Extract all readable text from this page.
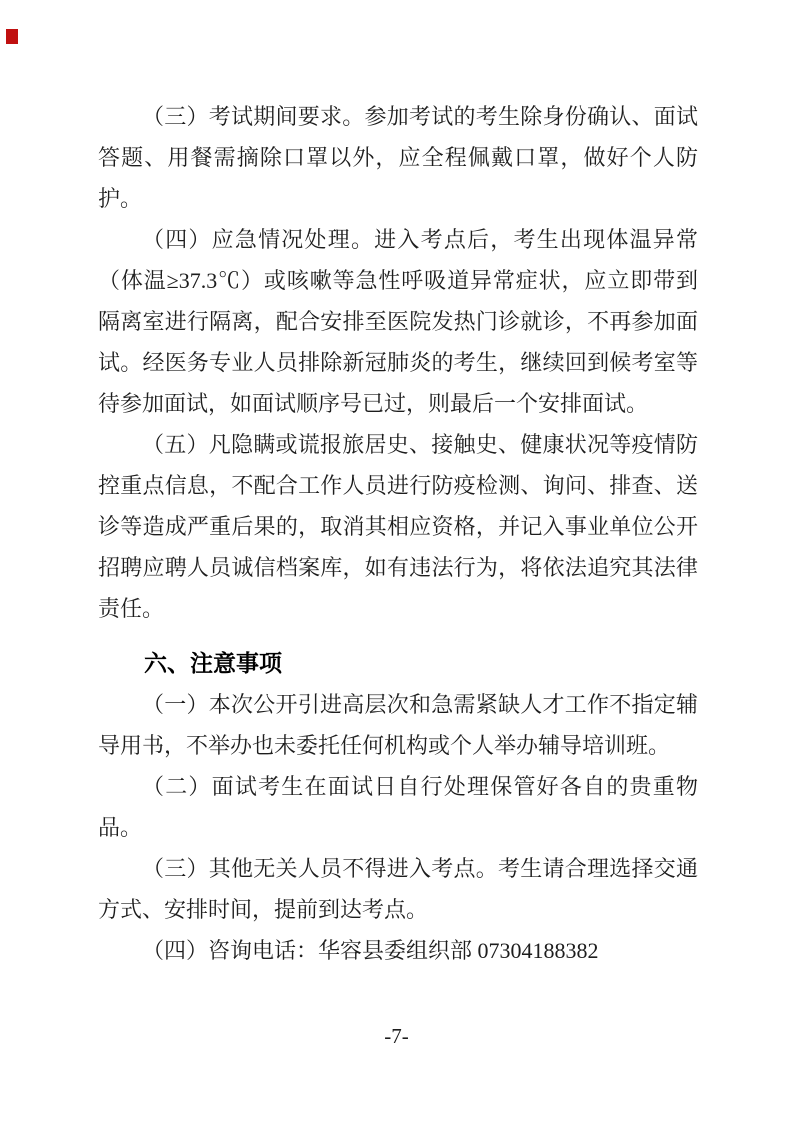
（三）考试期间要求。参加考试的考生除身份确认、面试答题、用餐需摘除口罩以外，应全程佩戴口罩，做好个人防护。

（四）应急情况处理。进入考点后，考生出现体温异常（体温≥37.3℃）或咳嗽等急性呼吸道异常症状，应立即带到隔离室进行隔离，配合安排至医院发热门诊就诊，不再参加面试。经医务专业人员排除新冠肺炎的考生，继续回到候考室等待参加面试，如面试顺序号已过，则最后一个安排面试。

（五）凡隐瞒或谎报旅居史、接触史、健康状况等疫情防控重点信息，不配合工作人员进行防疫检测、询问、排查、送诊等造成严重后果的，取消其相应资格，并记入事业单位公开招聘应聘人员诚信档案库，如有违法行为，将依法追究其法律责任。

六、注意事项

（一）本次公开引进高层次和急需紧缺人才工作不指定辅导用书，不举办也未委托任何机构或个人举办辅导培训班。

（二）面试考生在面试日自行处理保管好各自的贵重物品。

（三）其他无关人员不得进入考点。考生请合理选择交通方式、安排时间，提前到达考点。

（四）咨询电话：华容县委组织部 07304188382

-7-
